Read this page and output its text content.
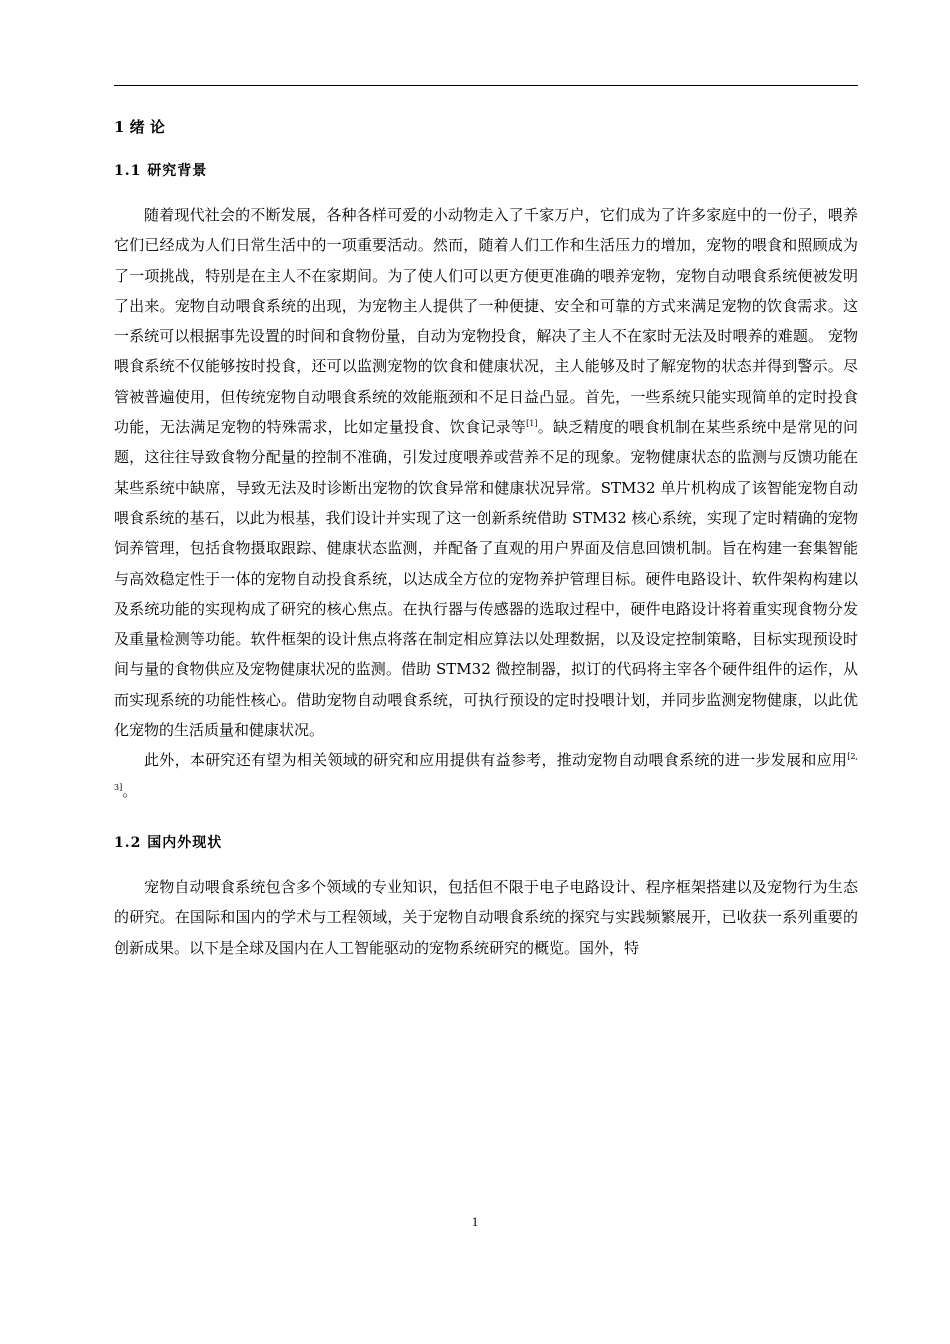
1 绪 论
1.1 研究背景

随着现代社会的不断发展，各种各样可爱的小动物走入了千家万户，它们成为了许多家庭中的一份子，喂养它们已经成为人们日常生活中的一项重要活动。然而，随着人们工作和生活压力的增加，宠物的喂食和照顾成为了一项挑战，特别是在主人不在家期间。为了使人们可以更方便更准确的喂养宠物，宠物自动喂食系统便被发明了出来。宠物自动喂食系统的出现，为宠物主人提供了一种便捷、安全和可靠的方式来满足宠物的饮食需求。这一系统可以根据事先设置的时间和食物份量，自动为宠物投食，解决了主人不在家时无法及时喂养的难题。 宠物喂食系统不仅能够按时投食，还可以监测宠物的饮食和健康状况，主人能够及时了解宠物的状态并得到警示。尽管被普遍使用，但传统宠物自动喂食系统的效能瓶颈和不足日益凸显。首先，一些系统只能实现简单的定时投食功能，无法满足宠物的特殊需求，比如定量投食、饮食记录等[1]。缺乏精度的喂食机制在某些系统中是常见的问题，这往往导致食物分配量的控制不准确，引发过度喂养或营养不足的现象。宠物健康状态的监测与反馈功能在某些系统中缺席，导致无法及时诊断出宠物的饮食异常和健康状况异常。STM32 单片机构成了该智能宠物自动喂食系统的基石，以此为根基，我们设计并实现了这一创新系统借助 STM32 核心系统，实现了定时精确的宠物饲养管理，包括食物摄取跟踪、健康状态监测，并配备了直观的用户界面及信息回馈机制。旨在构建一套集智能与高效稳定性于一体的宠物自动投食系统，以达成全方位的宠物养护管理目标。硬件电路设计、软件架构构建以及系统功能的实现构成了研究的核心焦点。在执行器与传感器的选取过程中，硬件电路设计将着重实现食物分发及重量检测等功能。软件框架的设计焦点将落在制定相应算法以处理数据，以及设定控制策略，目标实现预设时间与量的食物供应及宠物健康状况的监测。借助 STM32 微控制器，拟订的代码将主宰各个硬件组件的运作，从而实现系统的功能性核心。借助宠物自动喂食系统，可执行预设的定时投喂计划，并同步监测宠物健康，以此优化宠物的生活质量和健康状况。

此外，本研究还有望为相关领域的研究和应用提供有益参考，推动宠物自动喂食系统的进一步发展和应用[2, 3]。

1.2 国内外现状

宠物自动喂食系统包含多个领域的专业知识，包括但不限于电子电路设计、程序框架搭建以及宠物行为生态的研究。在国际和国内的学术与工程领域，关于宠物自动喂食系统的探究与实践频繁展开，已收获一系列重要的创新成果。以下是全球及国内在人工智能驱动的宠物系统研究的概览。国外，特

1
